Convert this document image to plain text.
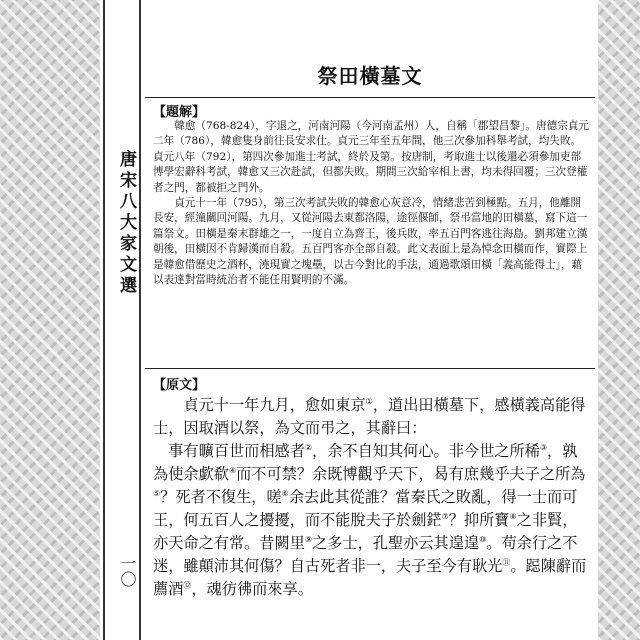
唐宋八大家文選
一〇
祭田橫墓文
【題解】

韓愈（768-824），字退之，河南河陽（今河南孟州）人，自稱「郡望昌黎」。唐德宗貞元二年（786），韓愈隻身前往長安求仕。貞元三年至五年間，他三次參加科舉考試，均失敗。貞元八年（792），第四次參加進士考試，終於及第。按唐制，考取進士以後還必須參加吏部博學宏辭科考試，韓愈又三次赴試，但都失敗。期間三次給宰相上書，均未得回覆；三次登權者之門，都被拒之門外。

貞元十一年（795），第三次考試失敗的韓愈心灰意冷，情緒悲苦到極點。五月，他離開長安，經潼關回河陽。九月，又從河陽去東都洛陽，途徑偃師，祭弔當地的田橫墓，寫下這一篇祭文。田橫是秦末群雄之一，一度自立為齊王，後兵敗，率五百門客逃往海島。劉邦建立漢朝後，田橫因不肯歸漢而自殺。五百門客亦全部自殺。此文表面上是為悼念田橫而作，實際上是韓愈借歷史之酒杯，澆現實之塊壘，以古今對比的手法，通過歌頌田橫「義高能得士」，藉以表達對當時統治者不能任用賢明的不滿。

【原文】

貞元十一年九月，愈如東京①，道出田橫墓下，感橫義高能得士，因取酒以祭，為文而弔之，其辭曰：

事有曠百世而相感者②，余不自知其何心。非今世之所稀③，孰為使余歔欷④而不可禁？余既博觀乎天下，曷有庶幾乎夫子之所為⑤？死者不復生，嗟⑥余去此其從誰？當秦氏之敗亂，得一士而可王，何五百人之擾擾，而不能脫夫子於劍鋩⑦？抑所寶⑧之非賢，亦天命之有常。昔闕里⑨之多士，孔聖亦云其遑遑⑩。苟余行之不迷，雖顛沛其何傷？自古死者非一，夫子至今有耿光⑪。跽陳辭而薦酒⑫，魂彷彿而來享。
